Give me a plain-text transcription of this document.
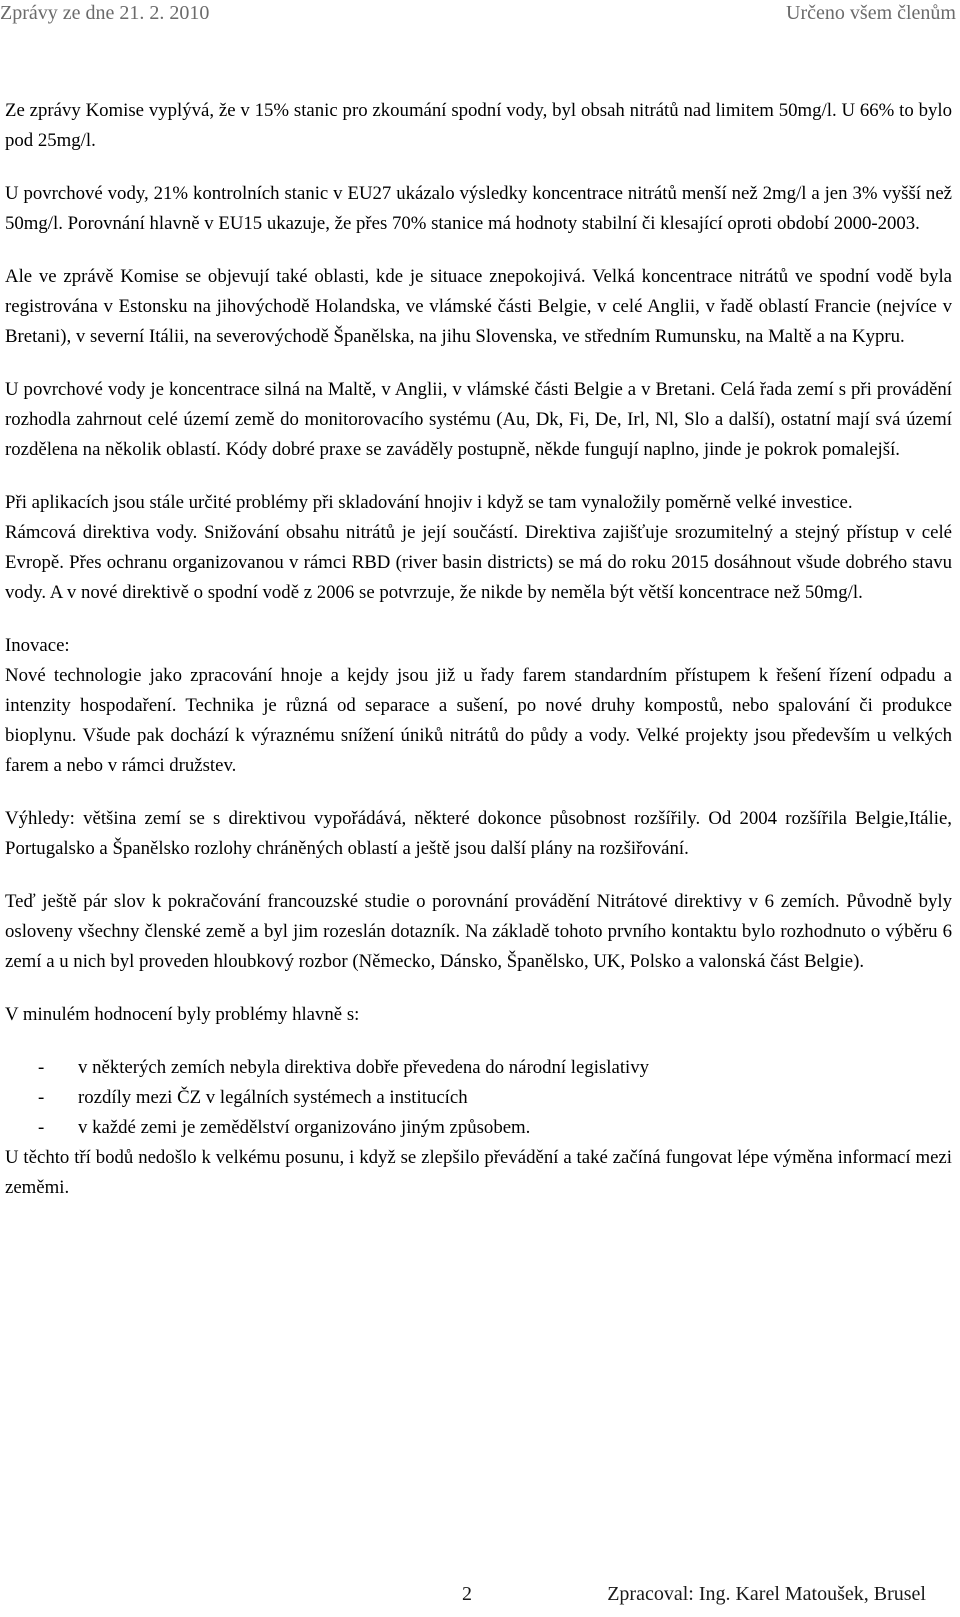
Zprávy ze dne 21. 2. 2010	Určeno všem členům

Ze zprávy Komise vyplývá, že v 15% stanic pro zkoumání spodní vody, byl obsah nitrátů nad limitem 50mg/l. U 66% to bylo pod 25mg/l.

U povrchové vody, 21% kontrolních stanic v EU27 ukázalo výsledky koncentrace nitrátů menší než 2mg/l a jen 3% vyšší než 50mg/l. Porovnání hlavně v EU15 ukazuje, že přes 70% stanice má hodnoty stabilní či klesající oproti období 2000-2003.

Ale ve zprávě Komise se objevují také oblasti, kde je situace znepokojivá. Velká koncentrace nitrátů ve spodní vodě byla registrována v Estonsku na jihovýchodě Holandska, ve vlámské části Belgie, v celé Anglii, v řadě oblastí Francie (nejvíce v Bretani), v severní Itálii, na severovýchodě Španělska, na jihu Slovenska, ve středním Rumunsku, na Maltě a na Kypru.

U povrchové vody je koncentrace silná na Maltě, v Anglii, v vlámské části Belgie a v Bretani. Celá řada zemí s při provádění rozhodla zahrnout celé území země do monitorovacího systému (Au, Dk, Fi, De, Irl, Nl, Slo a další), ostatní mají svá území rozdělena na několik oblastí. Kódy dobré praxe se zaváděly postupně, někde fungují naplno, jinde je pokrok pomalejší.

Při aplikacích jsou stále určité problémy při skladování hnojiv i když se tam vynaložily poměrně velké investice.

Rámcová direktiva vody. Snižování obsahu nitrátů je její součástí. Direktiva zajišťuje srozumitelný a stejný přístup v celé Evropě. Přes ochranu organizovanou v rámci RBD (river basin districts) se má do roku 2015 dosáhnout všude dobrého stavu vody. A v nové direktivě o spodní vodě z 2006 se potvrzuje, že nikde by neměla být větší koncentrace než 50mg/l.

Inovace:

Nové technologie jako zpracování hnoje a kejdy jsou již u řady farem standardním přístupem k řešení řízení odpadu a intenzity hospodaření. Technika je různá od separace a sušení, po nové druhy kompostů, nebo spalování či produkce bioplynu. Všude pak dochází k výraznému snížení úniků nitrátů do půdy a vody. Velké projekty jsou především u velkých farem a nebo v rámci družstev.

Výhledy: většina zemí se s direktivou vypořádává, některé dokonce působnost rozšířily. Od 2004 rozšířila Belgie,Itálie, Portugalsko a Španělsko rozlohy chráněných oblastí a ještě jsou další plány na rozšiřování.

Teď ještě pár slov k pokračování francouzské studie o porovnání provádění Nitrátové direktivy v 6 zemích. Původně byly osloveny všechny členské země a byl jim rozeslán dotazník. Na základě tohoto prvního kontaktu bylo rozhodnuto o výběru 6 zemí a u nich byl proveden hloubkový rozbor (Německo, Dánsko, Španělsko, UK, Polsko a valonská část Belgie).

V minulém hodnocení byly problémy hlavně s:

- v některých zemích nebyla direktiva dobře převedena do národní legislativy
- rozdíly mezi ČZ v legálních systémech a institucích
- v každé zemi je zemědělství organizováno jiným způsobem.

U těchto tří bodů nedošlo k velkému posunu, i když se zlepšilo převádění a také začíná fungovat lépe výměna informací mezi zeměmi.

2	Zpracoval: Ing. Karel Matoušek, Brusel
